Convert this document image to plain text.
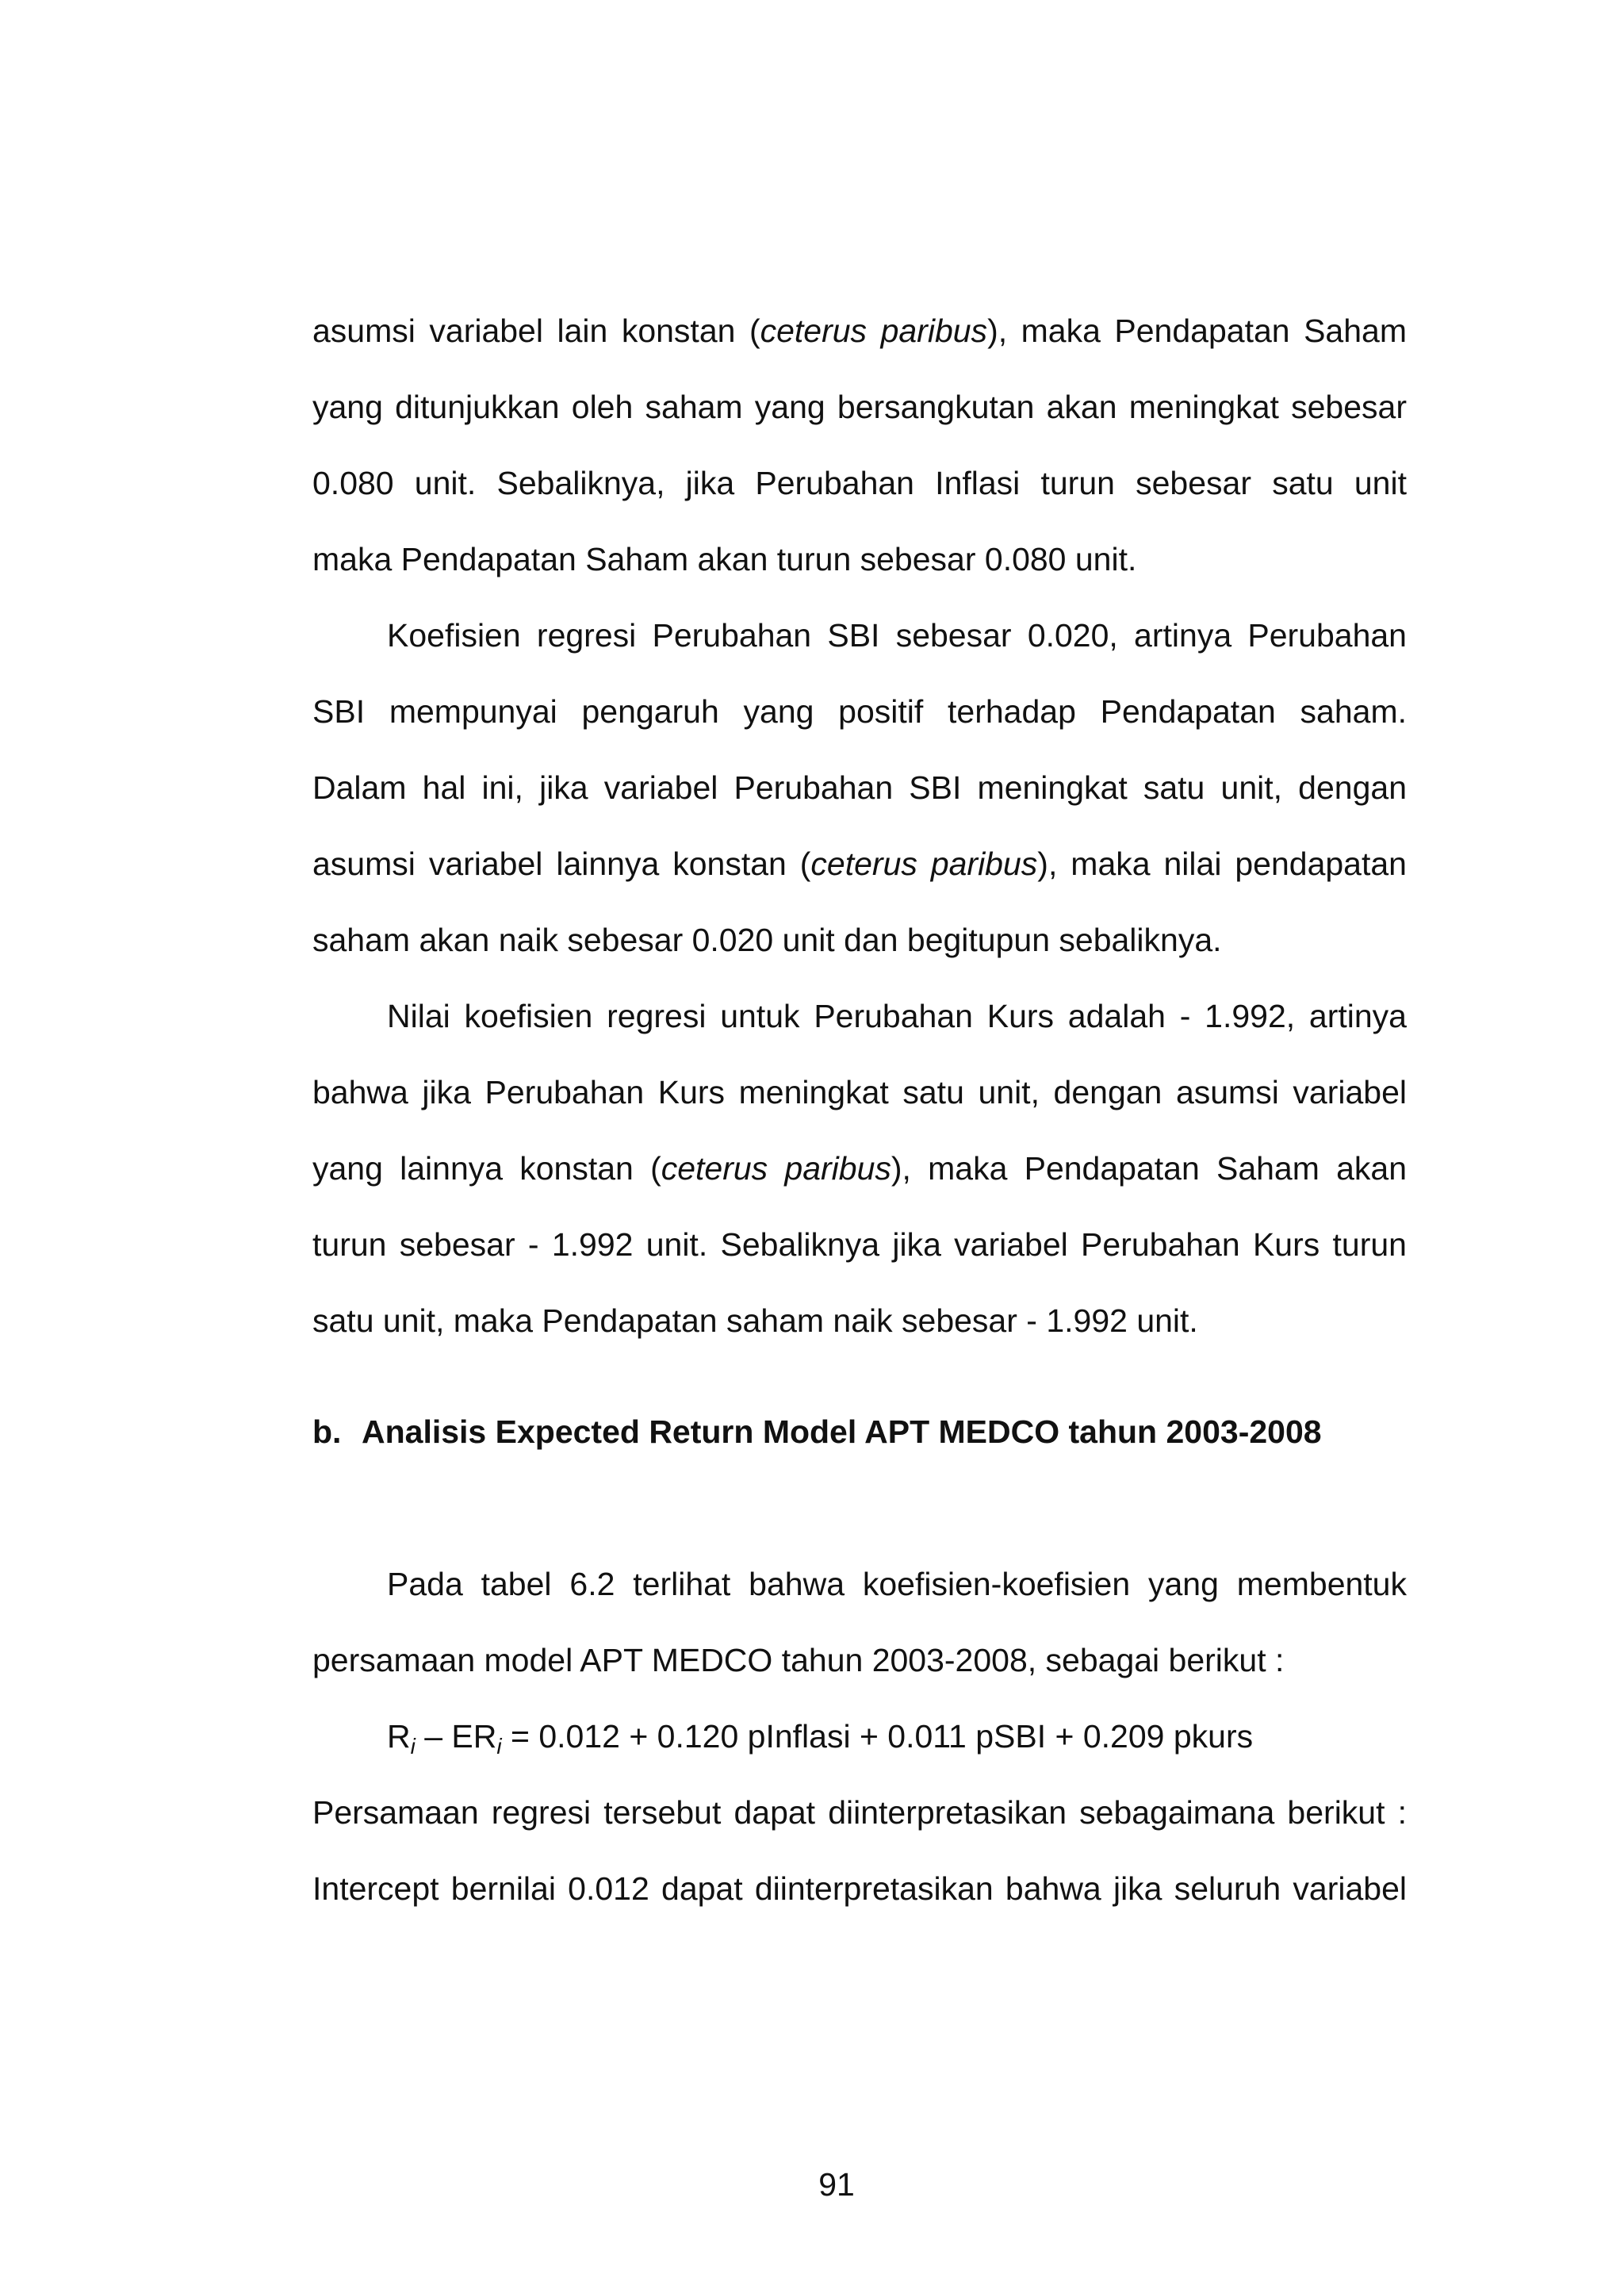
asumsi variabel lain konstan (ceterus paribus), maka Pendapatan Saham
yang ditunjukkan oleh saham yang bersangkutan akan meningkat sebesar
0.080 unit. Sebaliknya, jika Perubahan Inflasi turun sebesar satu unit
maka Pendapatan Saham akan turun sebesar 0.080 unit.
Koefisien regresi Perubahan SBI sebesar 0.020, artinya Perubahan
SBI mempunyai pengaruh yang positif terhadap Pendapatan saham.
Dalam hal ini, jika variabel Perubahan SBI meningkat satu unit, dengan
asumsi variabel lainnya konstan (ceterus paribus), maka nilai pendapatan
saham akan naik sebesar 0.020 unit dan begitupun sebaliknya.
Nilai koefisien regresi untuk Perubahan Kurs adalah - 1.992, artinya
bahwa jika Perubahan Kurs meningkat satu unit, dengan asumsi variabel
yang lainnya konstan (ceterus paribus), maka Pendapatan Saham akan
turun sebesar - 1.992 unit. Sebaliknya jika variabel Perubahan Kurs turun
satu unit, maka Pendapatan saham naik sebesar - 1.992 unit.
b. Analisis Expected Return Model APT MEDCO tahun 2003-2008
Pada tabel 6.2 terlihat bahwa koefisien-koefisien yang membentuk
persamaan model APT MEDCO tahun 2003-2008, sebagai berikut :
$R_i - ER_i = 0.012 + 0.120$ pInflasi + 0.011 pSBI + 0.209 pkurs
Persamaan regresi tersebut dapat diinterpretasikan sebagaimana berikut :
Intercept bernilai 0.012 dapat diinterpretasikan bahwa jika seluruh variabel
91
